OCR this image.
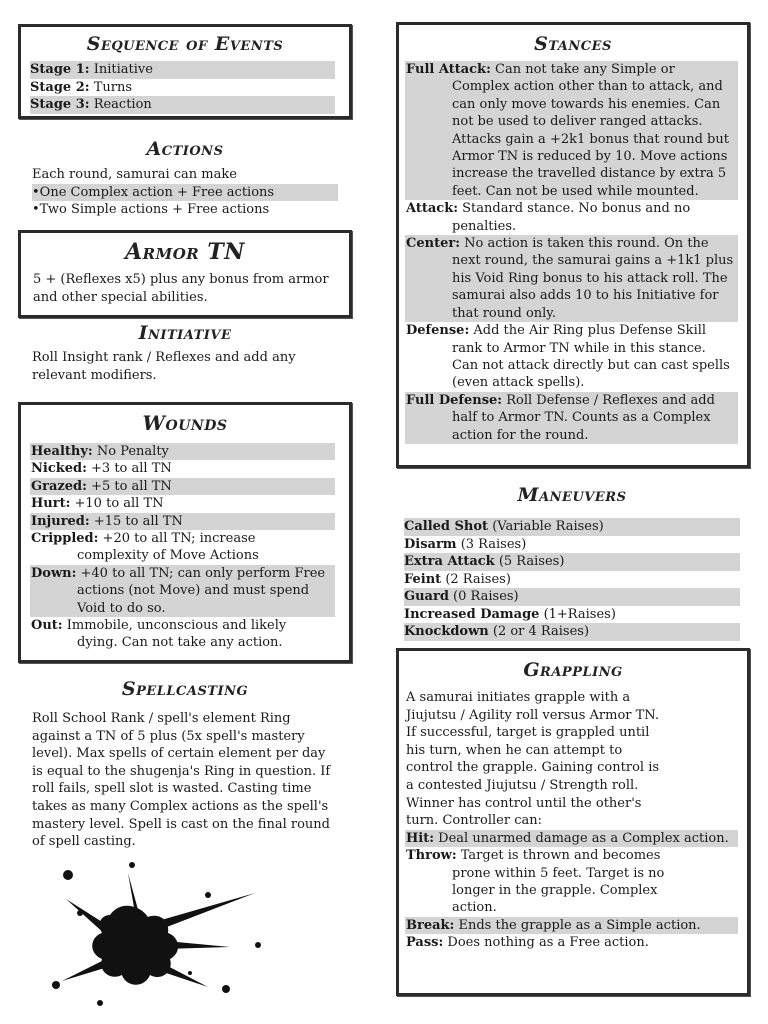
Sequence of Events
Stage 1: Initiative
Stage 2: Turns
Stage 3: Reaction
Actions
Each round, samurai can make
•One Complex action + Free actions
•Two Simple actions + Free actions
Armor TN
5 + (Reflexes x5) plus any bonus from armor and other special abilities.
Initiative
Roll Insight rank / Reflexes and add any relevant modifiers.
Wounds
Healthy: No Penalty
Nicked: +3 to all TN
Grazed: +5 to all TN
Hurt: +10 to all TN
Injured: +15 to all TN
Crippled: +20 to all TN; increase complexity of Move Actions
Down: +40 to all TN; can only perform Free actions (not Move) and must spend Void to do so.
Out: Immobile, unconscious and likely dying. Can not take any action.
Spellcasting
Roll School Rank / spell's element Ring against a TN of 5 plus (5x spell's mastery level). Max spells of certain element per day is equal to the shugenja's Ring in question. If roll fails, spell slot is wasted. Casting time takes as many Complex actions as the spell's mastery level. Spell is cast on the final round of spell casting.
Stances
Full Attack: Can not take any Simple or Complex action other than to attack, and can only move towards his enemies. Can not be used to deliver ranged attacks. Attacks gain a +2k1 bonus that round but Armor TN is reduced by 10. Move actions increase the travelled distance by extra 5 feet. Can not be used while mounted.
Attack: Standard stance. No bonus and no penalties.
Center: No action is taken this round. On the next round, the samurai gains a +1k1 plus his Void Ring bonus to his attack roll. The samurai also adds 10 to his Initiative for that round only.
Defense: Add the Air Ring plus Defense Skill rank to Armor TN while in this stance. Can not attack directly but can cast spells (even attack spells).
Full Defense: Roll Defense / Reflexes and add half to Armor TN. Counts as a Complex action for the round.
Maneuvers
Called Shot (Variable Raises)
Disarm (3 Raises)
Extra Attack (5 Raises)
Feint (2 Raises)
Guard (0 Raises)
Increased Damage (1+Raises)
Knockdown (2 or 4 Raises)
Grappling
A samurai initiates grapple with a Jiujutsu / Agility roll versus Armor TN. If successful, target is grappled until his turn, when he can attempt to control the grapple. Gaining control is a contested Jiujutsu / Strength roll. Winner has control until the other's turn. Controller can:
Hit: Deal unarmed damage as a Complex action.
Throw: Target is thrown and becomes prone within 5 feet. Target is no longer in the grapple. Complex action.
Break: Ends the grapple as a Simple action.
Pass: Does nothing as a Free action.
